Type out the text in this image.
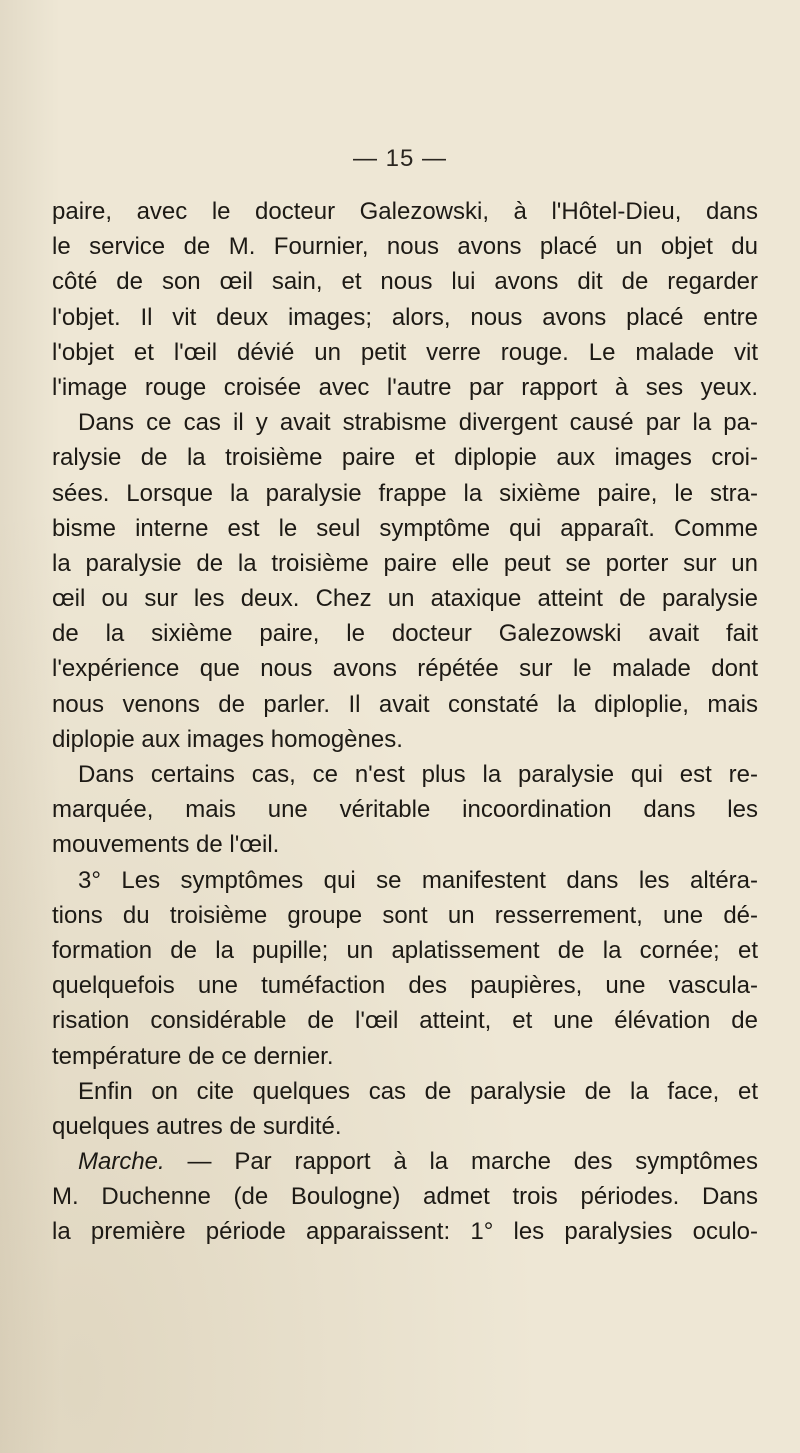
— 15 —
paire, avec le docteur Galezowski, à l'Hôtel-Dieu, dans
le service de M. Fournier, nous avons placé un objet du
côté de son œil sain, et nous lui avons dit de regarder
l'objet. Il vit deux images; alors, nous avons placé entre
l'objet et l'œil dévié un petit verre rouge. Le malade vit
l'image rouge croisée avec l'autre par rapport à ses yeux.
Dans ce cas il y avait strabisme divergent causé par la pa-
ralysie de la troisième paire et diplopie aux images croi-
sées. Lorsque la paralysie frappe la sixième paire, le stra-
bisme interne est le seul symptôme qui apparaît. Comme
la paralysie de la troisième paire elle peut se porter sur un
œil ou sur les deux. Chez un ataxique atteint de paralysie
de la sixième paire, le docteur Galezowski avait fait
l'expérience que nous avons répétée sur le malade dont
nous venons de parler. Il avait constaté la diploplie, mais
diplopie aux images homogènes.
Dans certains cas, ce n'est plus la paralysie qui est re-
marquée, mais une véritable incoordination dans les
mouvements de l'œil.
3° Les symptômes qui se manifestent dans les altéra-
tions du troisième groupe sont un resserrement, une dé-
formation de la pupille; un aplatissement de la cornée; et
quelquefois une tuméfaction des paupières, une vascula-
risation considérable de l'œil atteint, et une élévation de
température de ce dernier.
Enfin on cite quelques cas de paralysie de la face, et
quelques autres de surdité.
Marche. — Par rapport à la marche des symptômes
M. Duchenne (de Boulogne) admet trois périodes. Dans
la première période apparaissent: 1° les paralysies oculo-
